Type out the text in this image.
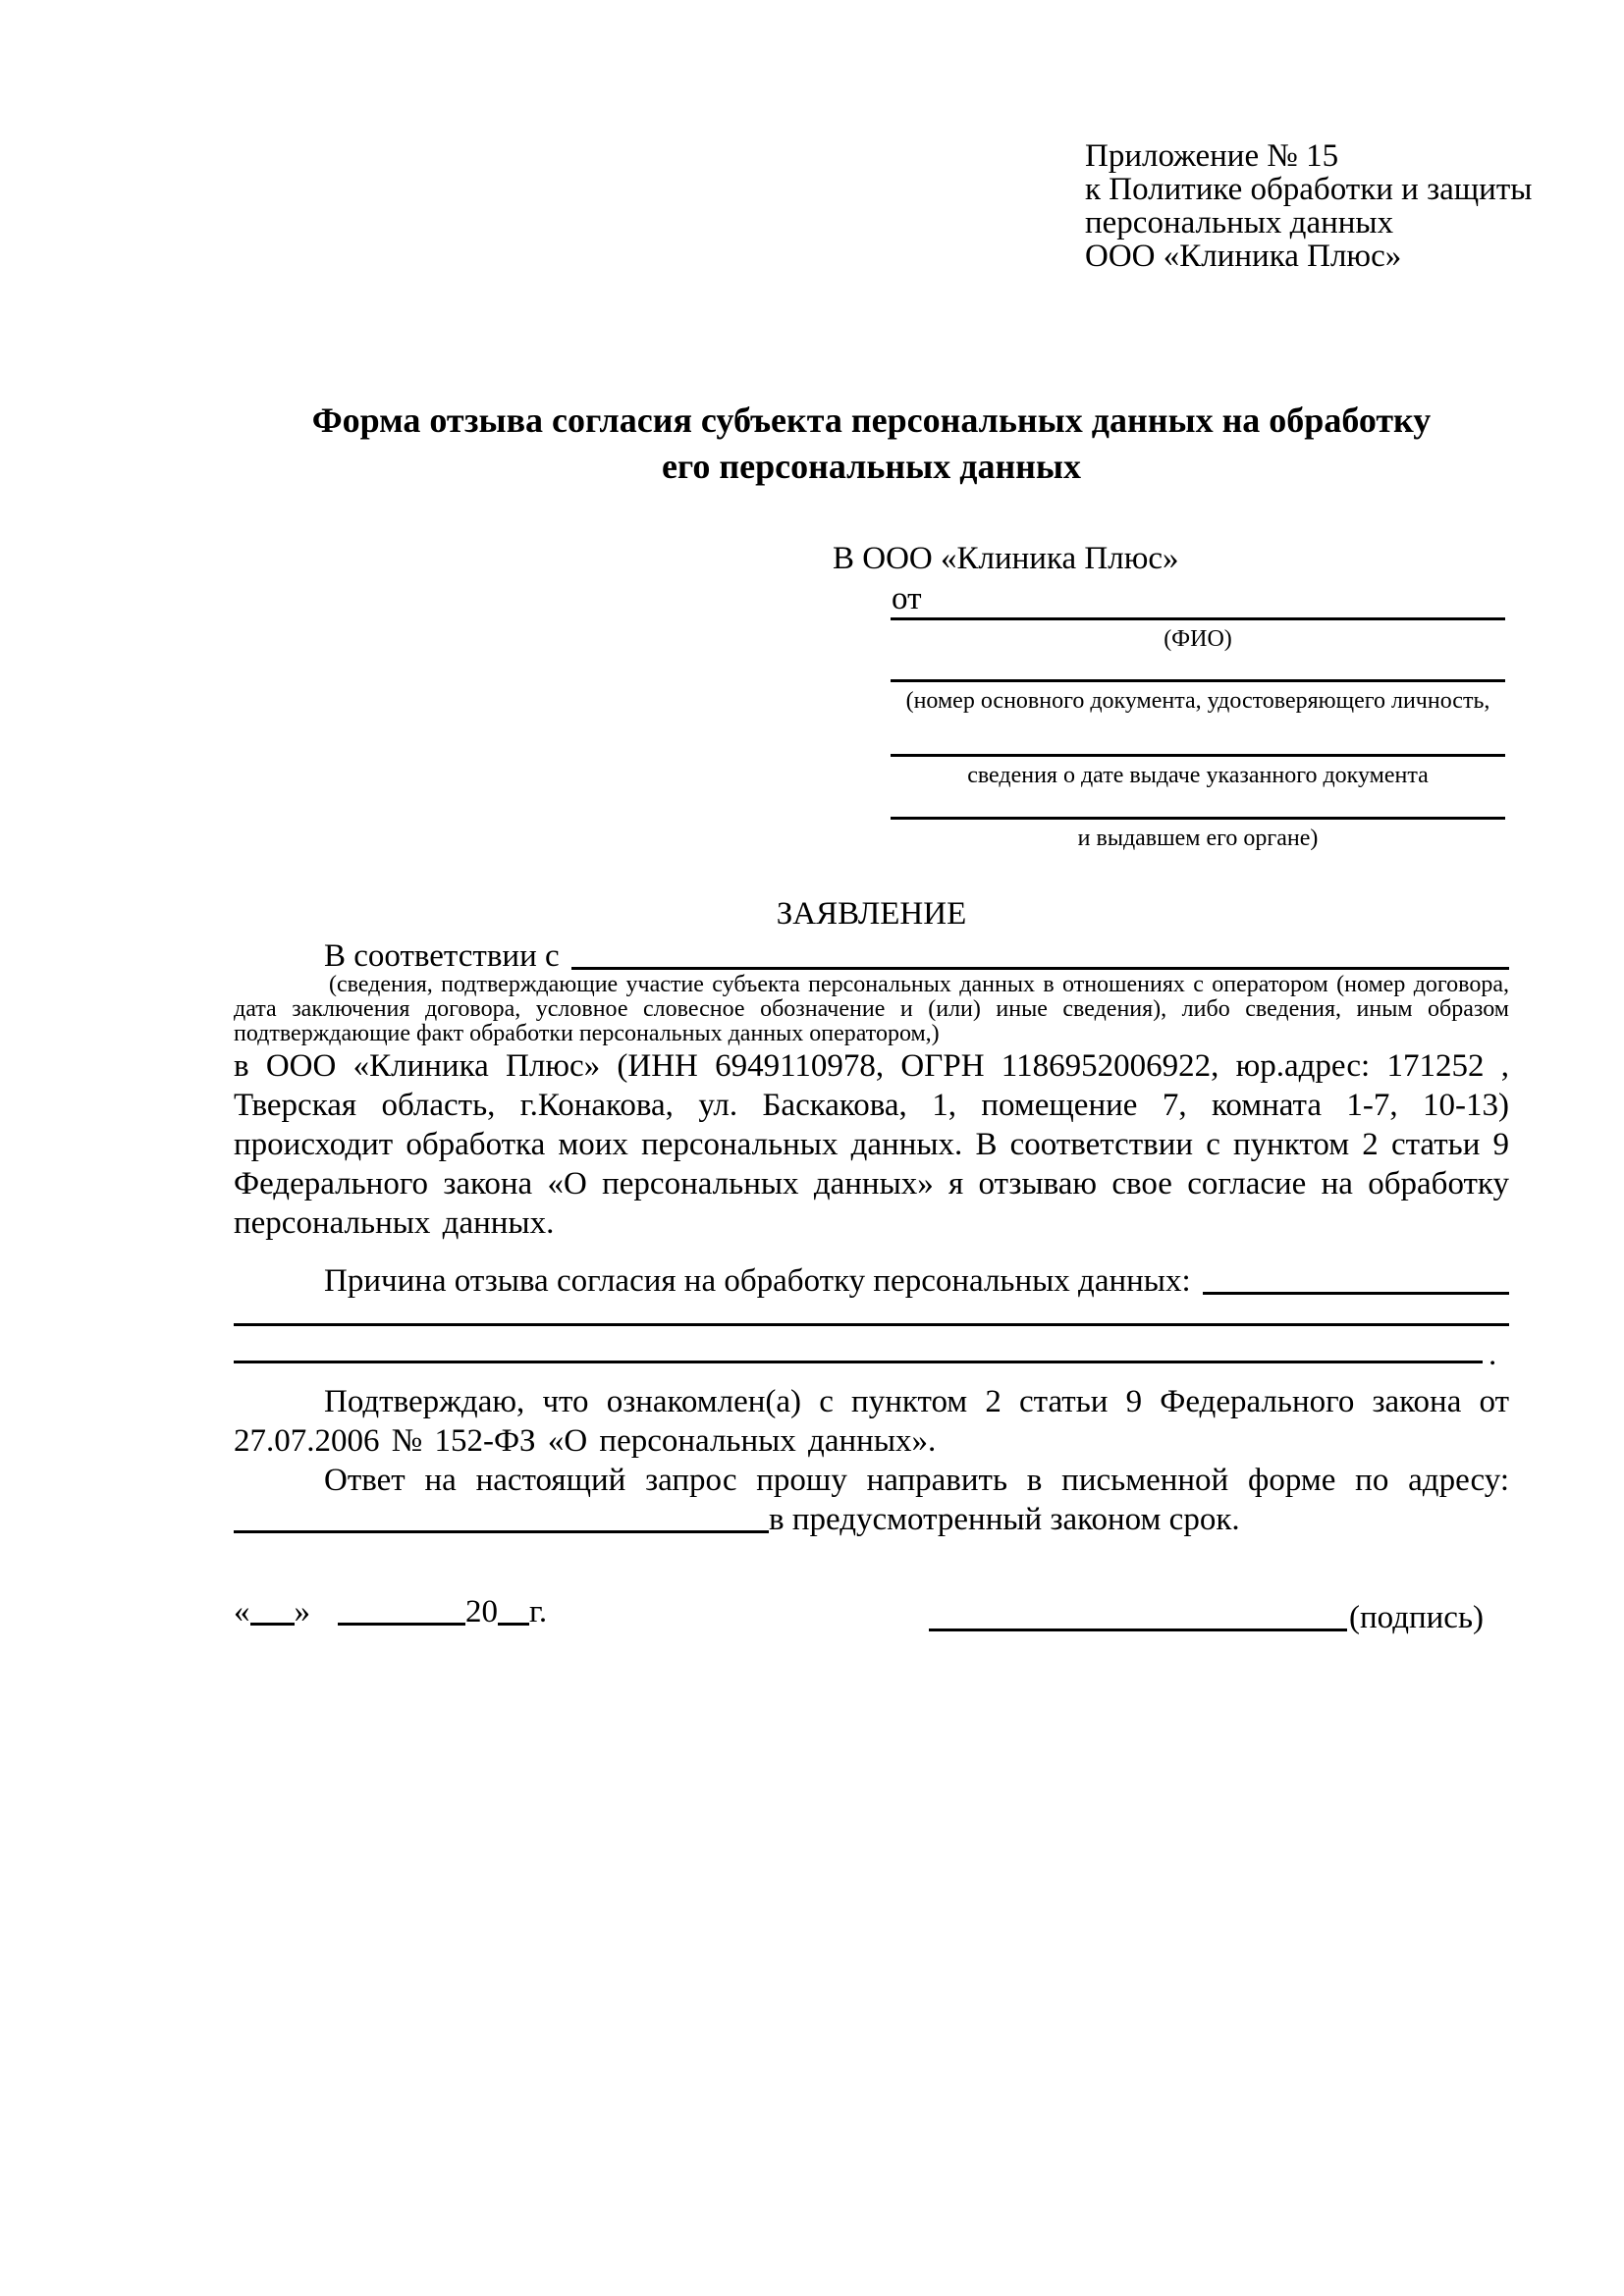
Приложение № 15
к Политике обработки и защиты
персональных данных
ООО «Клиника Плюс»
Форма отзыва согласия субъекта персональных данных на обработку
его персональных данных
В ООО «Клиника Плюс»
от
(ФИО)
(номер основного документа, удостоверяющего личность,
сведения о дате выдаче указанного документа
и выдавшем его органе)
ЗАЯВЛЕНИЕ
В соответствии с
(сведения, подтверждающие участие субъекта персональных данных в отношениях с оператором (номер договора, дата заключения договора, условное словесное обозначение и (или) иные сведения), либо сведения, иным образом подтверждающие факт обработки персональных данных оператором,)
в ООО «Клиника Плюс» (ИНН 6949110978, ОГРН 1186952006922, юр.адрес: 171252 , Тверская область, г.Конакова, ул. Баскакова, 1, помещение 7, комната 1-7, 10-13) происходит обработка моих персональных данных. В соответствии с пунктом 2 статьи 9 Федерального закона «О персональных данных» я отзываю свое согласие на обработку персональных данных.
Причина отзыва согласия на обработку персональных данных:
.
Подтверждаю, что ознакомлен(а) с пунктом 2 статьи 9 Федерального закона от 27.07.2006 № 152-ФЗ «О персональных данных».
Ответ на настоящий запрос прошу направить в письменной форме по адресу:
в предусмотренный законом срок.
« »	20 г.	(подпись)
